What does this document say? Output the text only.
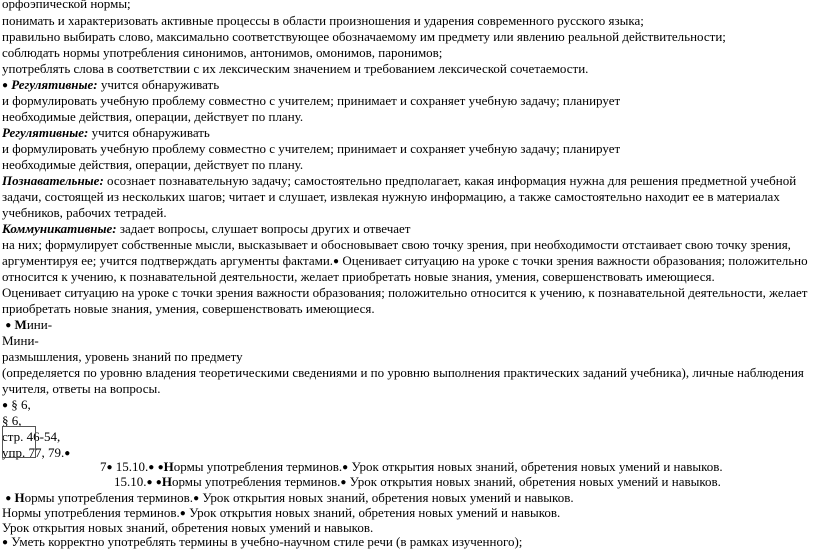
орфоэпической нормы;
понимать и характеризовать активные процессы в области произношения и ударения современного русского языка;
правильно выбирать слово, максимально соответствующее обозначаемому им предмету или явлению реальной действительности;
соблюдать нормы употребления синонимов, антонимов, омонимов, паронимов;
употреблять слова в соответствии с их лексическим значением и требованием лексической сочетаемости.
● Регулятивные: учится обнаруживать
и формулировать учебную проблему совместно с учителем; принимает и сохраняет учебную задачу; планирует
необходимые действия, операции, действует по плану.
Регулятивные: учится обнаруживать
и формулировать учебную проблему совместно с учителем; принимает и сохраняет учебную задачу; планирует
необходимые действия, операции, действует по плану.
Познавательные: осознает познавательную задачу; самостоятельно предполагает, какая информация нужна для решения предметной учебной
задачи, состоящей из нескольких шагов; читает и слушает, извлекая нужную информацию, а также самостоятельно находит ее в материалах
учебников, рабочих тетрадей.
Коммуникативные: задает вопросы, слушает вопросы других и отвечает
на них; формулирует собственные мысли, высказывает и обосновывает свою точку зрения, при необходимости отстаивает свою точку зрения,
аргументируя ее; учится подтверждать аргументы фактами.● Оценивает ситуацию на уроке с точки зрения важности образования; положительно
относится к учению, к познавательной деятельности, желает приобретать новые знания, умения, совершенствовать имеющиеся.
Оценивает ситуацию на уроке с точки зрения важности образования; положительно относится к учению, к познавательной деятельности, желает
приобретать новые знания, умения, совершенствовать имеющиеся.
● Мини-
Мини-
размышления, уровень знаний по предмету
(определяется по уровню владения теоретическими сведениями и по уровню выполнения практических заданий учебника), личные наблюдения
учителя, ответы на вопросы.
● § 6,
§ 6,
стр. 46-54,
упр. 77, 79.●
7● 15.10.● ●Нормы употребления терминов.● Урок открытия новых знаний, обретения новых умений и навыков.
15.10.● ●Нормы употребления терминов.● Урок открытия новых знаний, обретения новых умений и навыков.
● Нормы употребления терминов.● Урок открытия новых знаний, обретения новых умений и навыков.
Нормы употребления терминов.● Урок открытия новых знаний, обретения новых умений и навыков.
Урок открытия новых знаний, обретения новых умений и навыков.
● Уметь корректно употреблять термины в учебно-научном стиле речи (в рамках изученного);
